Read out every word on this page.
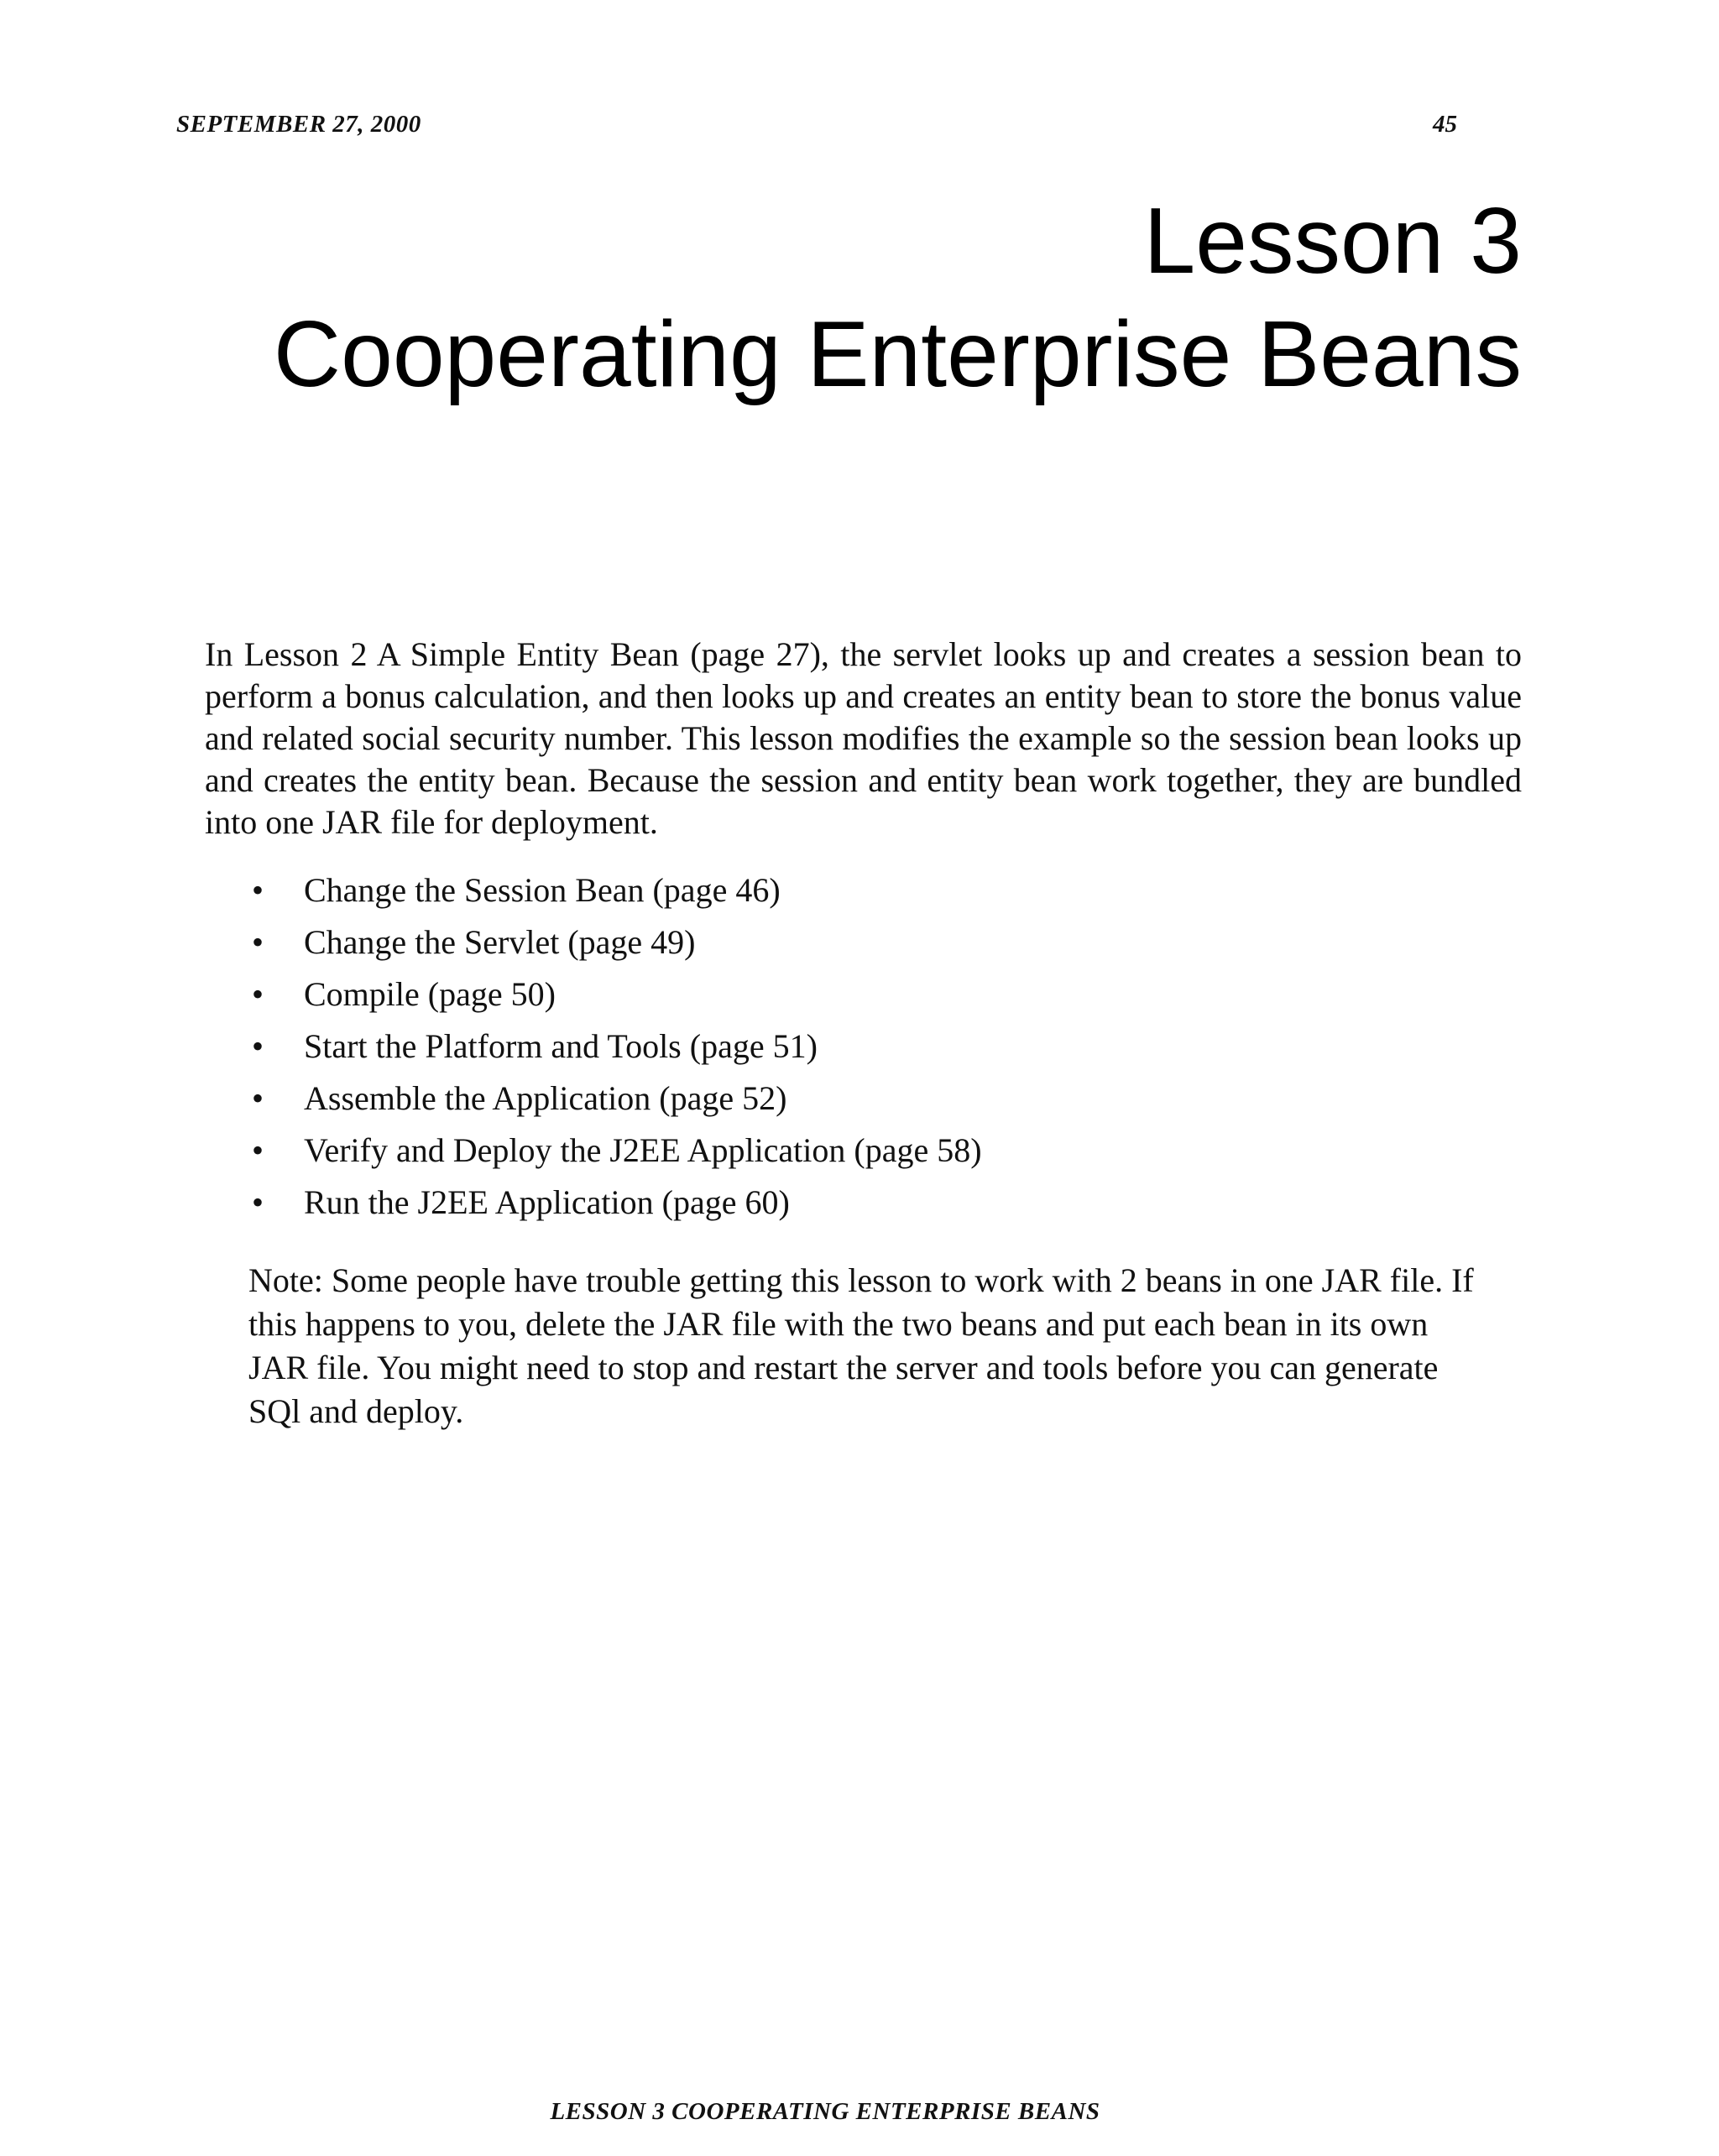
SEPTEMBER 27, 2000	45
Lesson 3
Cooperating Enterprise Beans

In Lesson 2 A Simple Entity Bean (page 27), the servlet looks up and creates a session bean to perform a bonus calculation, and then looks up and creates an entity bean to store the bonus value and related social security number. This lesson modifies the example so the session bean looks up and creates the entity bean. Because the session and entity bean work together, they are bundled into one JAR file for deployment.

• Change the Session Bean (page 46)
• Change the Servlet (page 49)
• Compile (page 50)
• Start the Platform and Tools (page 51)
• Assemble the Application (page 52)
• Verify and Deploy the J2EE Application (page 58)
• Run the J2EE Application (page 60)

Note: Some people have trouble getting this lesson to work with 2 beans in one JAR file. If this happens to you, delete the JAR file with the two beans and put each bean in its own JAR file. You might need to stop and restart the server and tools before you can generate SQl and deploy.

LESSON 3 COOPERATING ENTERPRISE BEANS
